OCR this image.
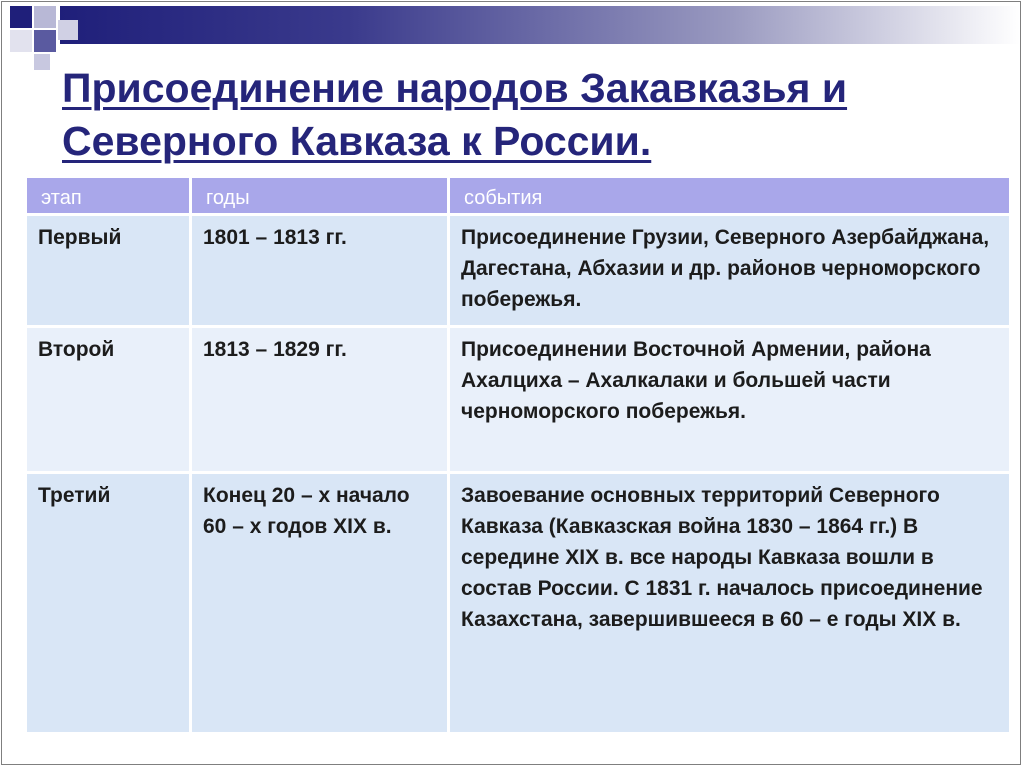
Присоединение народов Закавказья и
Северного Кавказа к России.
этап	годы	события
Первый	1801 – 1813 гг.	Присоединение Грузии, Северного Азербайджана, Дагестана, Абхазии и др. районов черноморского побережья.
Второй	1813 – 1829 гг.	Присоединении Восточной Армении, района Ахалциха – Ахалкалаки и большей части черноморского побережья.
Третий	Конец 20 – х начало 60 – х годов XIX в.	Завоевание основных территорий Северного Кавказа (Кавказская война 1830 – 1864 гг.) В середине XIX в. все народы Кавказа вошли в состав России. С 1831 г. началось присоединение Казахстана, завершившееся в 60 – е годы XIX в.
